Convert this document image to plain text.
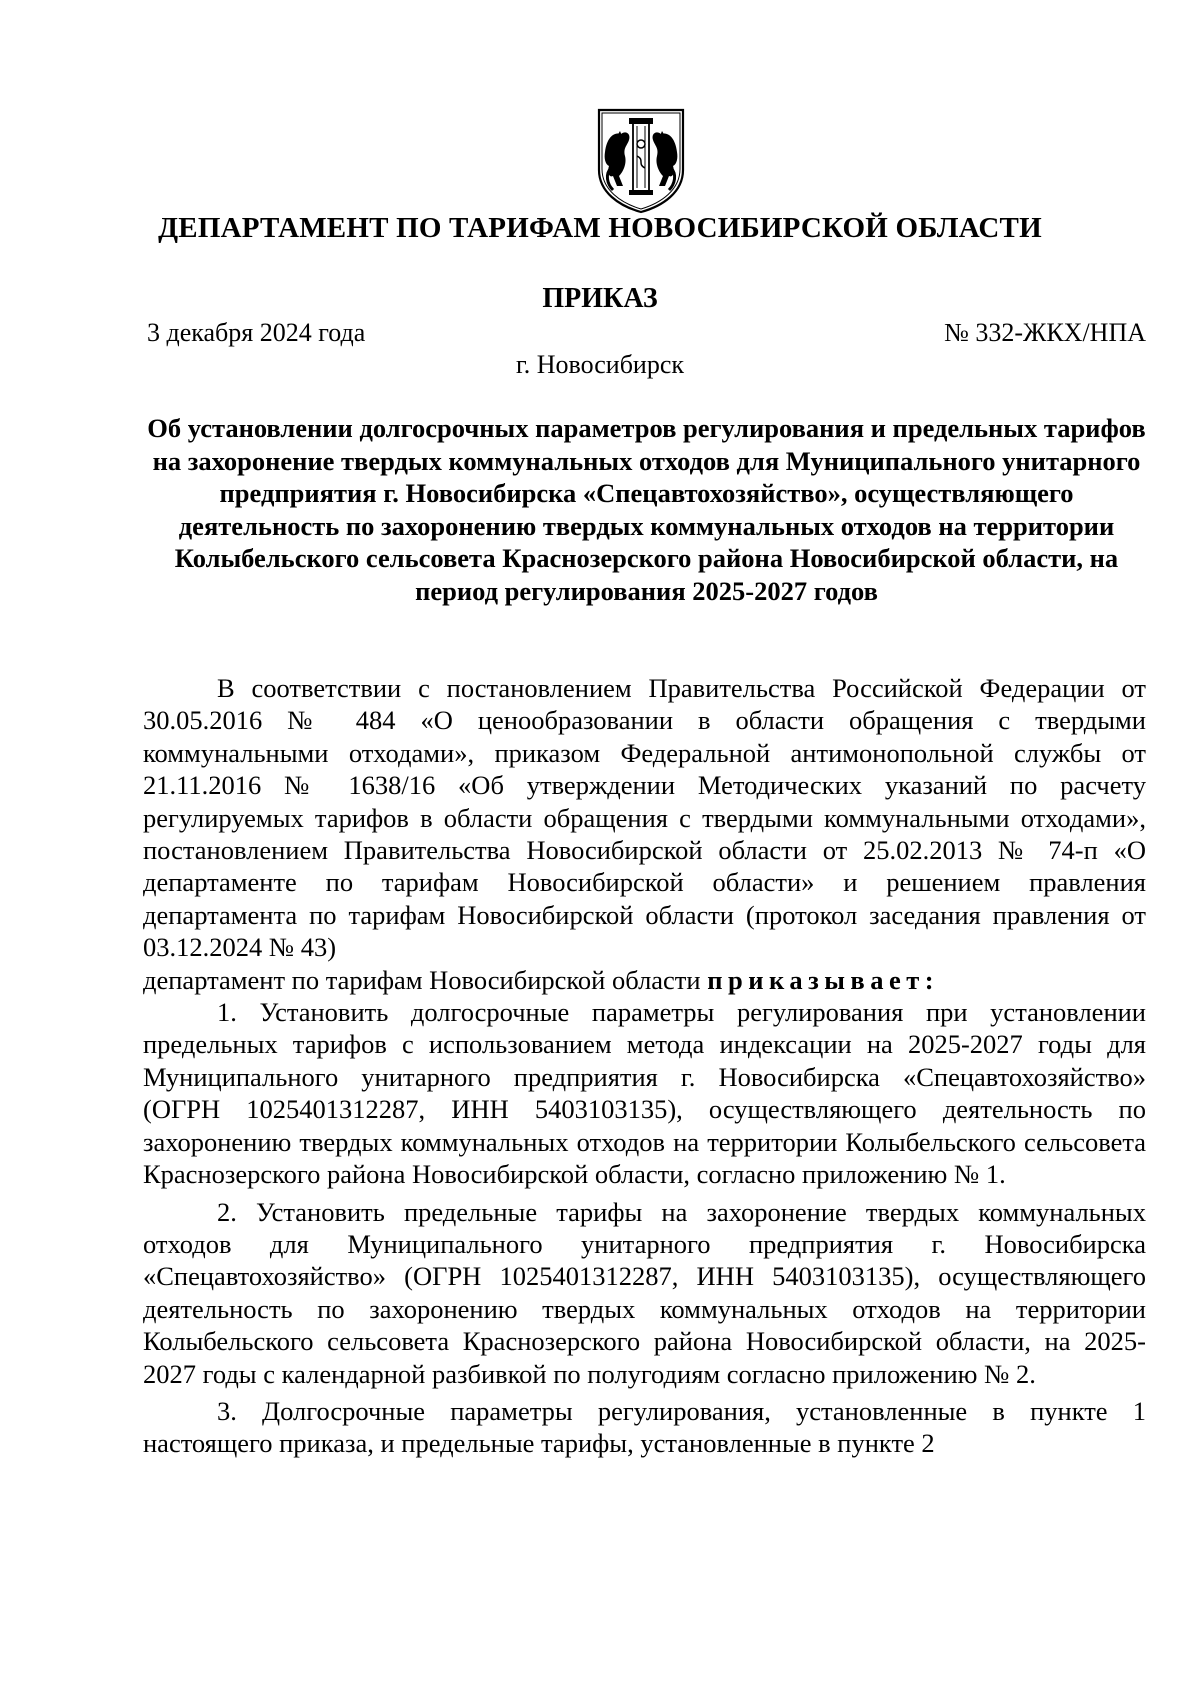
ДЕПАРТАМЕНТ ПО ТАРИФАМ НОВОСИБИРСКОЙ ОБЛАСТИ
ПРИКАЗ
3 декабря 2024 года	№ 332-ЖКХ/НПА
г. Новосибирск
Об установлении долгосрочных параметров регулирования и предельных тарифов на захоронение твердых коммунальных отходов для Муниципального унитарного предприятия г. Новосибирска «Спецавтохозяйство», осуществляющего деятельность по захоронению твердых коммунальных отходов на территории Колыбельского сельсовета Краснозерского района Новосибирской области, на период регулирования 2025-2027 годов

В соответствии с постановлением Правительства Российской Федерации от 30.05.2016 № 484 «О ценообразовании в области обращения с твердыми коммунальными отходами», приказом Федеральной антимонопольной службы от 21.11.2016 № 1638/16 «Об утверждении Методических указаний по расчету регулируемых тарифов в области обращения с твердыми коммунальными отходами», постановлением Правительства Новосибирской области от 25.02.2013 № 74-п «О департаменте по тарифам Новосибирской области» и решением правления департамента по тарифам Новосибирской области (протокол заседания правления от 03.12.2024 № 43)

департамент по тарифам Новосибирской области приказывает:

1. Установить долгосрочные параметры регулирования при установлении предельных тарифов с использованием метода индексации на 2025-2027 годы для Муниципального унитарного предприятия г. Новосибирска «Спецавтохозяйство» (ОГРН 1025401312287, ИНН 5403103135), осуществляющего деятельность по захоронению твердых коммунальных отходов на территории Колыбельского сельсовета Краснозерского района Новосибирской области, согласно приложению № 1.

2. Установить предельные тарифы на захоронение твердых коммунальных отходов для Муниципального унитарного предприятия г. Новосибирска «Спецавтохозяйство» (ОГРН 1025401312287, ИНН 5403103135), осуществляющего деятельность по захоронению твердых коммунальных отходов на территории Колыбельского сельсовета Краснозерского района Новосибирской области, на 2025-2027 годы с календарной разбивкой по полугодиям согласно приложению № 2.

3. Долгосрочные параметры регулирования, установленные в пункте 1 настоящего приказа, и предельные тарифы, установленные в пункте 2
